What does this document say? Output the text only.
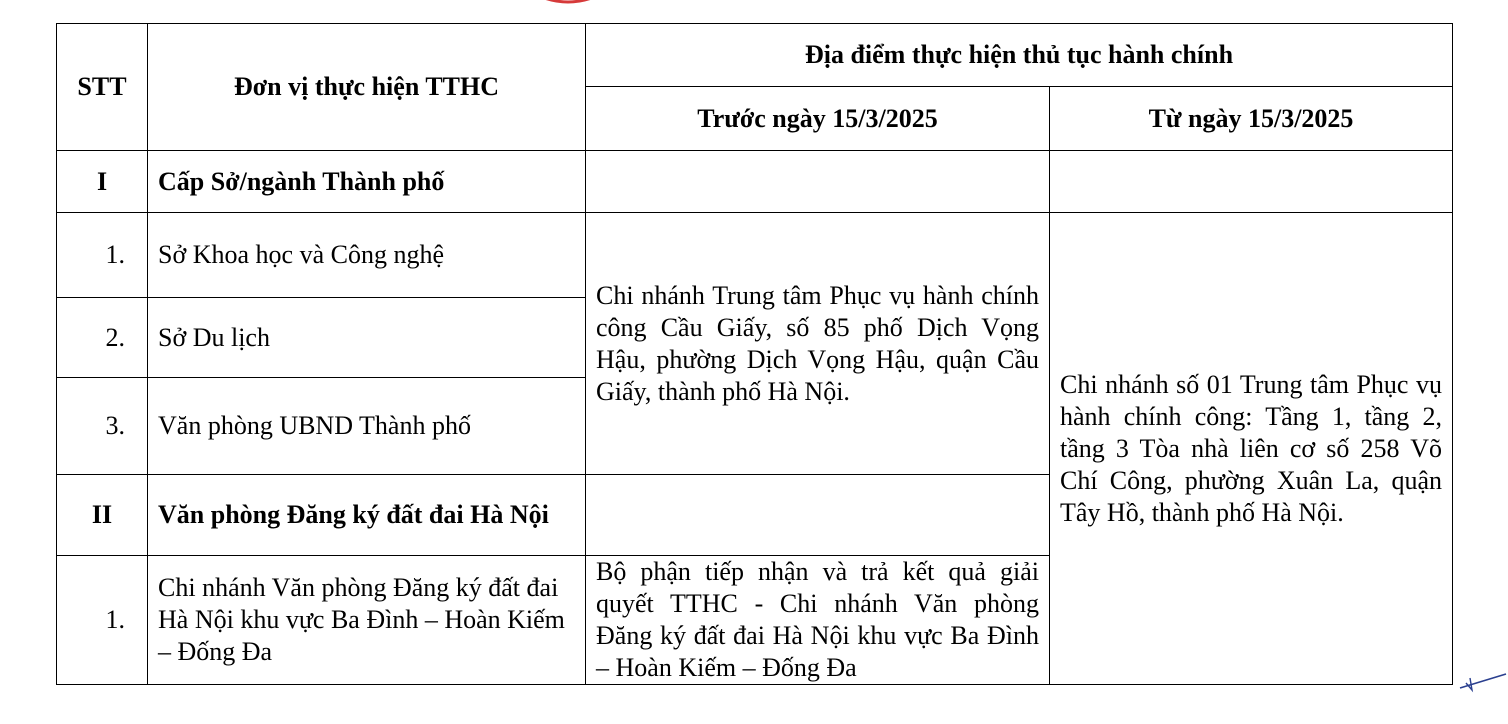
STT	Đơn vị thực hiện TTHC	Địa điểm thực hiện thủ tục hành chính	
		Trước ngày 15/3/2025	Từ ngày 15/3/2025
I	Cấp Sở/ngành Thành phố		
1.	Sở Khoa học và Công nghệ	Chi nhánh Trung tâm Phục vụ hành chính công Cầu Giấy, số 85 phố Dịch Vọng Hậu, phường Dịch Vọng Hậu, quận Cầu Giấy, thành phố Hà Nội.	Chi nhánh số 01 Trung tâm Phục vụ hành chính công: Tầng 1, tầng 2, tầng 3 Tòa nhà liên cơ số 258 Võ Chí Công, phường Xuân La, quận Tây Hồ, thành phố Hà Nội.
2.	Sở Du lịch		
3.	Văn phòng UBND Thành phố		
II	Văn phòng Đăng ký đất đai Hà Nội		
1.	Chi nhánh Văn phòng Đăng ký đất đai Hà Nội khu vực Ba Đình – Hoàn Kiếm – Đống Đa	Bộ phận tiếp nhận và trả kết quả giải quyết TTHC - Chi nhánh Văn phòng Đăng ký đất đai Hà Nội khu vực Ba Đình – Hoàn Kiếm – Đống Đa	
